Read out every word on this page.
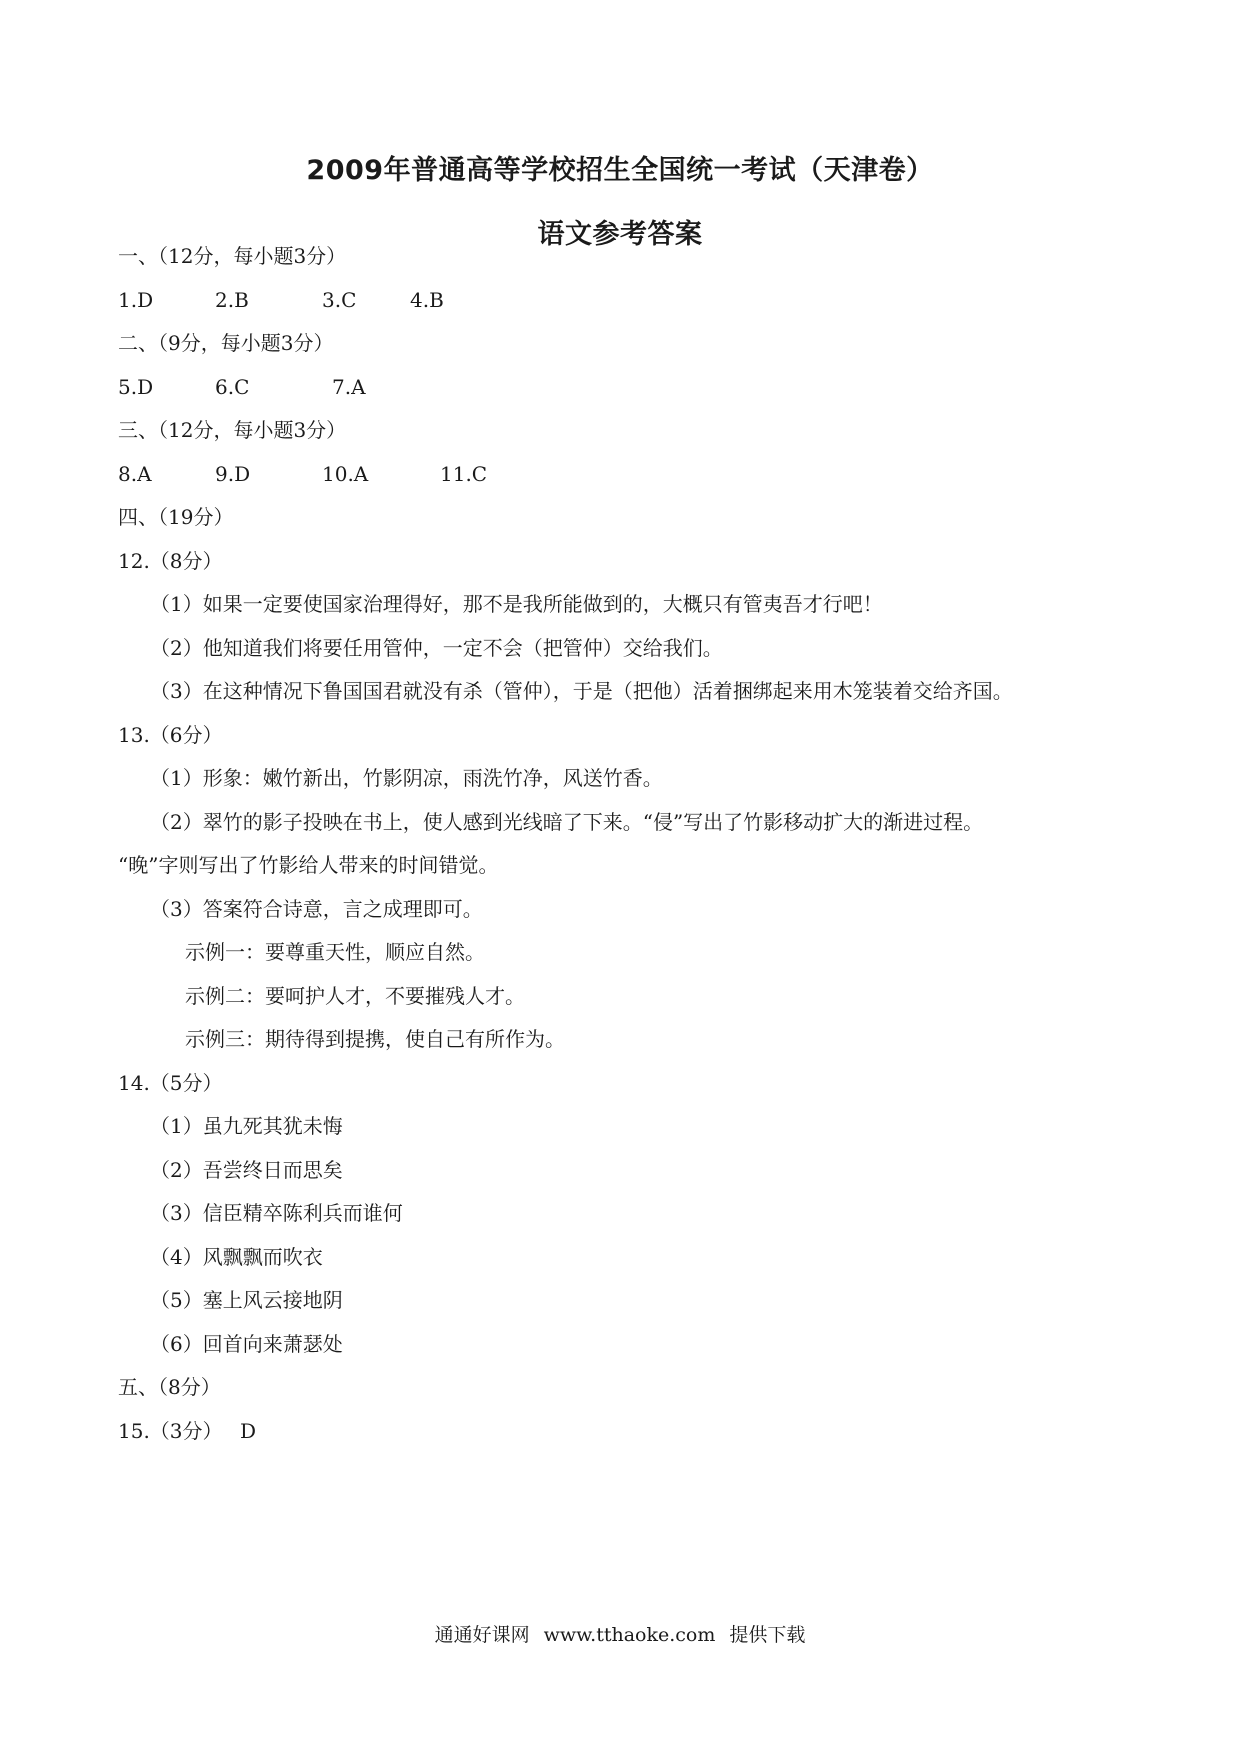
2009年普通高等学校招生全国统一考试（天津卷）
语文参考答案
一、（12分，每小题3分）
1.D	2.B	3.C	4.B
二、（9分，每小题3分）
5.D	6.C	7.A
三、（12分，每小题3分）
8.A	9.D	10.A	11.C
四、（19分）
12.（8分）
（1）如果一定要使国家治理得好，那不是我所能做到的，大概只有管夷吾才行吧！
（2）他知道我们将要任用管仲，一定不会（把管仲）交给我们。
（3）在这种情况下鲁国国君就没有杀（管仲），于是（把他）活着捆绑起来用木笼装着交给齐国。
13.（6分）
（1）形象：嫩竹新出，竹影阴凉，雨洗竹净，风送竹香。
（2）翠竹的影子投映在书上，使人感到光线暗了下来。“侵”写出了竹影移动扩大的渐进过程。
“晚”字则写出了竹影给人带来的时间错觉。
（3）答案符合诗意，言之成理即可。
示例一：要尊重天性，顺应自然。
示例二：要呵护人才，不要摧残人才。
示例三：期待得到提携，使自己有所作为。
14.（5分）
（1）虽九死其犹未悔
（2）吾尝终日而思矣
（3）信臣精卒陈利兵而谁何
（4）风飘飘而吹衣
（5）塞上风云接地阴
（6）回首向来萧瑟处
五、（8分）
15.（3分） D
通通好课网 www.tthaoke.com 提供下载
